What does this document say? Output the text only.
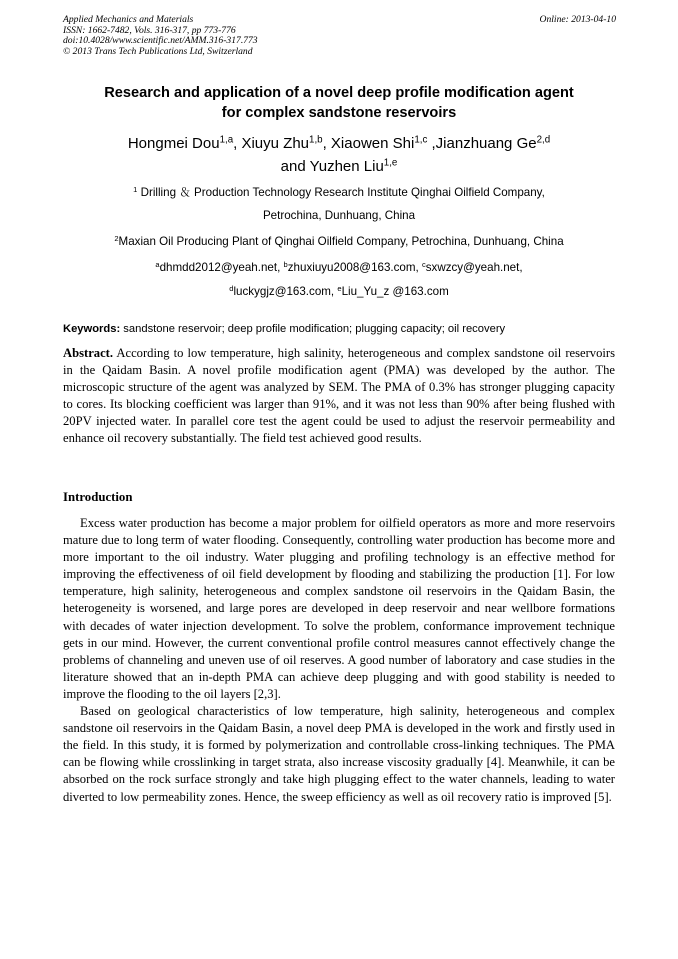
Applied Mechanics and Materials
ISSN: 1662-7482, Vols. 316-317, pp 773-776
doi:10.4028/www.scientific.net/AMM.316-317.773
© 2013 Trans Tech Publications Ltd, Switzerland
Online: 2013-04-10
Research and application of a novel deep profile modification agent
for complex sandstone reservoirs
Hongmei Dou$^{1,a}$, Xiuyu Zhu$^{1,b}$, Xiaowen Shi$^{1,c}$ ,Jianzhuang Ge$^{2,d}$
and Yuzhen Liu$^{1,e}$
$^1$ Drilling ＆ Production Technology Research Institute Qinghai Oilfield Company,
Petrochina, Dunhuang, China
$^2$Maxian Oil Producing Plant of Qinghai Oilfield Company, Petrochina, Dunhuang, China
$^a$dhmdd2012@yeah.net, $^b$zhuxiuyu2008@163.com, $^c$sxwzcy@yeah.net,
$^d$luckygjz@163.com, $^e$Liu_Yu_z @163.com
Keywords: sandstone reservoir; deep profile modification; plugging capacity; oil recovery

Abstract. According to low temperature, high salinity, heterogeneous and complex sandstone oil reservoirs in the Qaidam Basin. A novel profile modification agent (PMA) was developed by the author. The microscopic structure of the agent was analyzed by SEM. The PMA of 0.3% has stronger plugging capacity to cores. Its blocking coefficient was larger than 91%, and it was not less than 90% after being flushed with 20PV injected water. In parallel core test the agent could be used to adjust the reservoir permeability and enhance oil recovery substantially. The field test achieved good results.

Introduction

Excess water production has become a major problem for oilfield operators as more and more reservoirs mature due to long term of water flooding. Consequently, controlling water production has become more and more important to the oil industry. Water plugging and profiling technology is an effective method for improving the effectiveness of oil field development by flooding and stabilizing the production [1]. For low temperature, high salinity, heterogeneous and complex sandstone oil reservoirs in the Qaidam Basin, the heterogeneity is worsened, and large pores are developed in deep reservoir and near wellbore formations with decades of water injection development. To solve the problem, conformance improvement technique gets in our mind. However, the current conventional profile control measures cannot effectively change the problems of channeling and uneven use of oil reserves. A good number of laboratory and case studies in the literature showed that an in-depth PMA can achieve deep plugging and with good stability is needed to improve the flooding to the oil layers [2,3].

Based on geological characteristics of low temperature, high salinity, heterogeneous and complex sandstone oil reservoirs in the Qaidam Basin, a novel deep PMA is developed in the work and firstly used in the field. In this study, it is formed by polymerization and controllable cross-linking techniques. The PMA can be flowing while crosslinking in target strata, also increase viscosity gradually [4]. Meanwhile, it can be absorbed on the rock surface strongly and take high plugging effect to the water channels, leading to water diverted to low permeability zones. Hence, the sweep efficiency as well as oil recovery ratio is improved [5].
